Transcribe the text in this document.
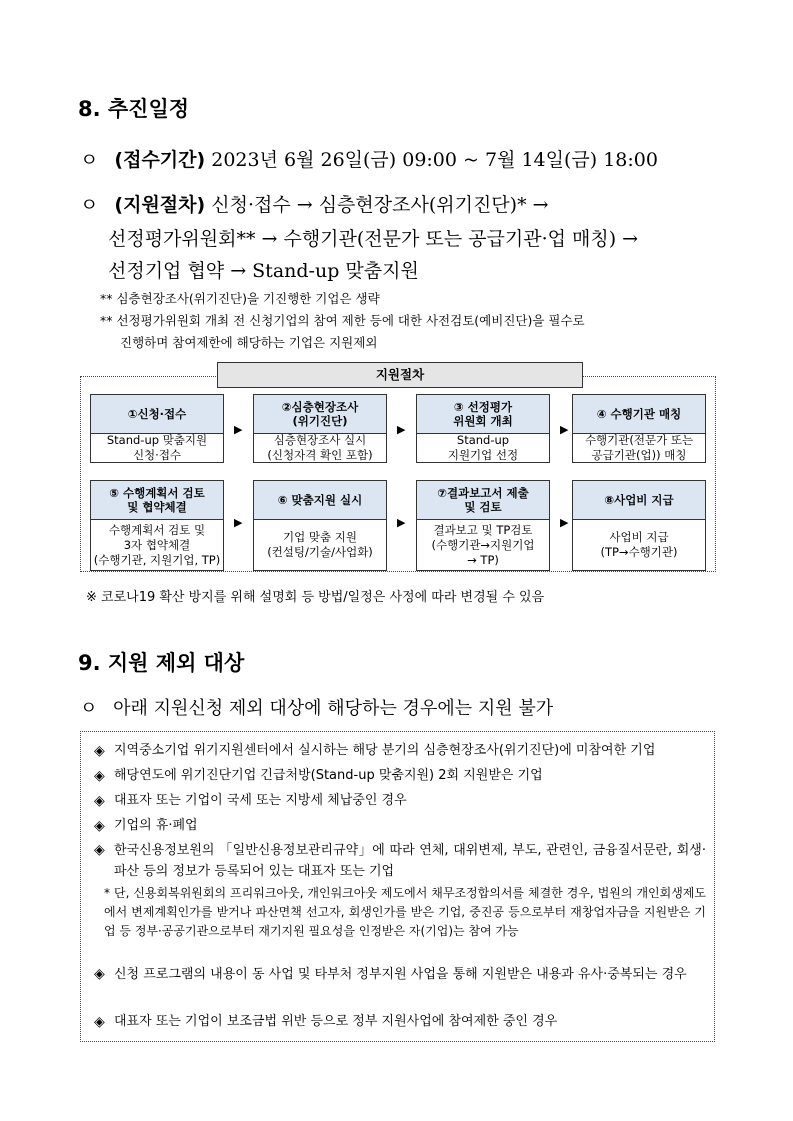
8. 추진일정
ㅇ (접수기간) 2023년 6월 26일(금) 09:00 ~ 7월 14일(금) 18:00
ㅇ (지원절차) 신청·접수 → 심층현장조사(위기진단)* →
선정평가위원회** → 수행기관(전문가 또는 공급기관·업 매칭) →
선정기업 협약 → Stand-up 맞춤지원
** 심층현장조사(위기진단)을 기진행한 기업은 생략
** 선정평가위원회 개최 전 신청기업의 참여 제한 등에 대한 사전검토(예비진단)을 필수로
진행하며 참여제한에 해당하는 기업은 지원제외
지원절차
①신청·접수
Stand-up 맞춤지원
신청·접수
▶
②심층현장조사
(위기진단)
심층현장조사 실시
(신청자격 확인 포함)
▶
③ 선정평가
위원회 개최
Stand-up
지원기업 선정
▶
④ 수행기관 매칭
수행기관(전문가 또는
공급기관(업)) 매칭
⑤ 수행계획서 검토
및 협약체결
수행계획서 검토 및
3자 협약체결
(수행기관, 지원기업, TP)
▶
⑥ 맞춤지원 실시
기업 맞춤 지원
(컨설팅/기술/사업화)
▶
⑦결과보고서 제출
및 검토
결과보고 및 TP검토
(수행기관→지원기업
→ TP)
▶
⑧사업비 지급
사업비 지급
(TP→수행기관)
※ 코로나19 확산 방지를 위해 설명회 등 방법/일정은 사정에 따라 변경될 수 있음
9. 지원 제외 대상
ㅇ 아래 지원신청 제외 대상에 해당하는 경우에는 지원 불가
◈ 지역중소기업 위기지원센터에서 실시하는 해당 분기의 심층현장조사(위기진단)에 미참여한 기업
◈ 해당연도에 위기진단기업 긴급처방(Stand-up 맞춤지원) 2회 지원받은 기업
◈ 대표자 또는 기업이 국세 또는 지방세 체납중인 경우
◈ 기업의 휴·폐업
◈ 한국신용정보원의 「일반신용정보관리규약」에 따라 연체, 대위변제, 부도, 관련인, 금융질서문란, 회생·파산 등의 정보가 등록되어 있는 대표자 또는 기업
* 단, 신용회복위원회의 프리워크아웃, 개인워크아웃 제도에서 채무조정합의서를 체결한 경우, 법원의 개인회생제도에서 변제계획인가를 받거나 파산면책 선고자, 회생인가를 받은 기업, 중진공 등으로부터 재창업자금을 지원받은 기업 등 정부·공공기관으로부터 재기지원 필요성을 인정받은 자(기업)는 참여 가능
◈ 신청 프로그램의 내용이 동 사업 및 타부처 정부지원 사업을 통해 지원받은 내용과 유사·중복되는 경우
◈ 대표자 또는 기업이 보조금법 위반 등으로 정부 지원사업에 참여제한 중인 경우
